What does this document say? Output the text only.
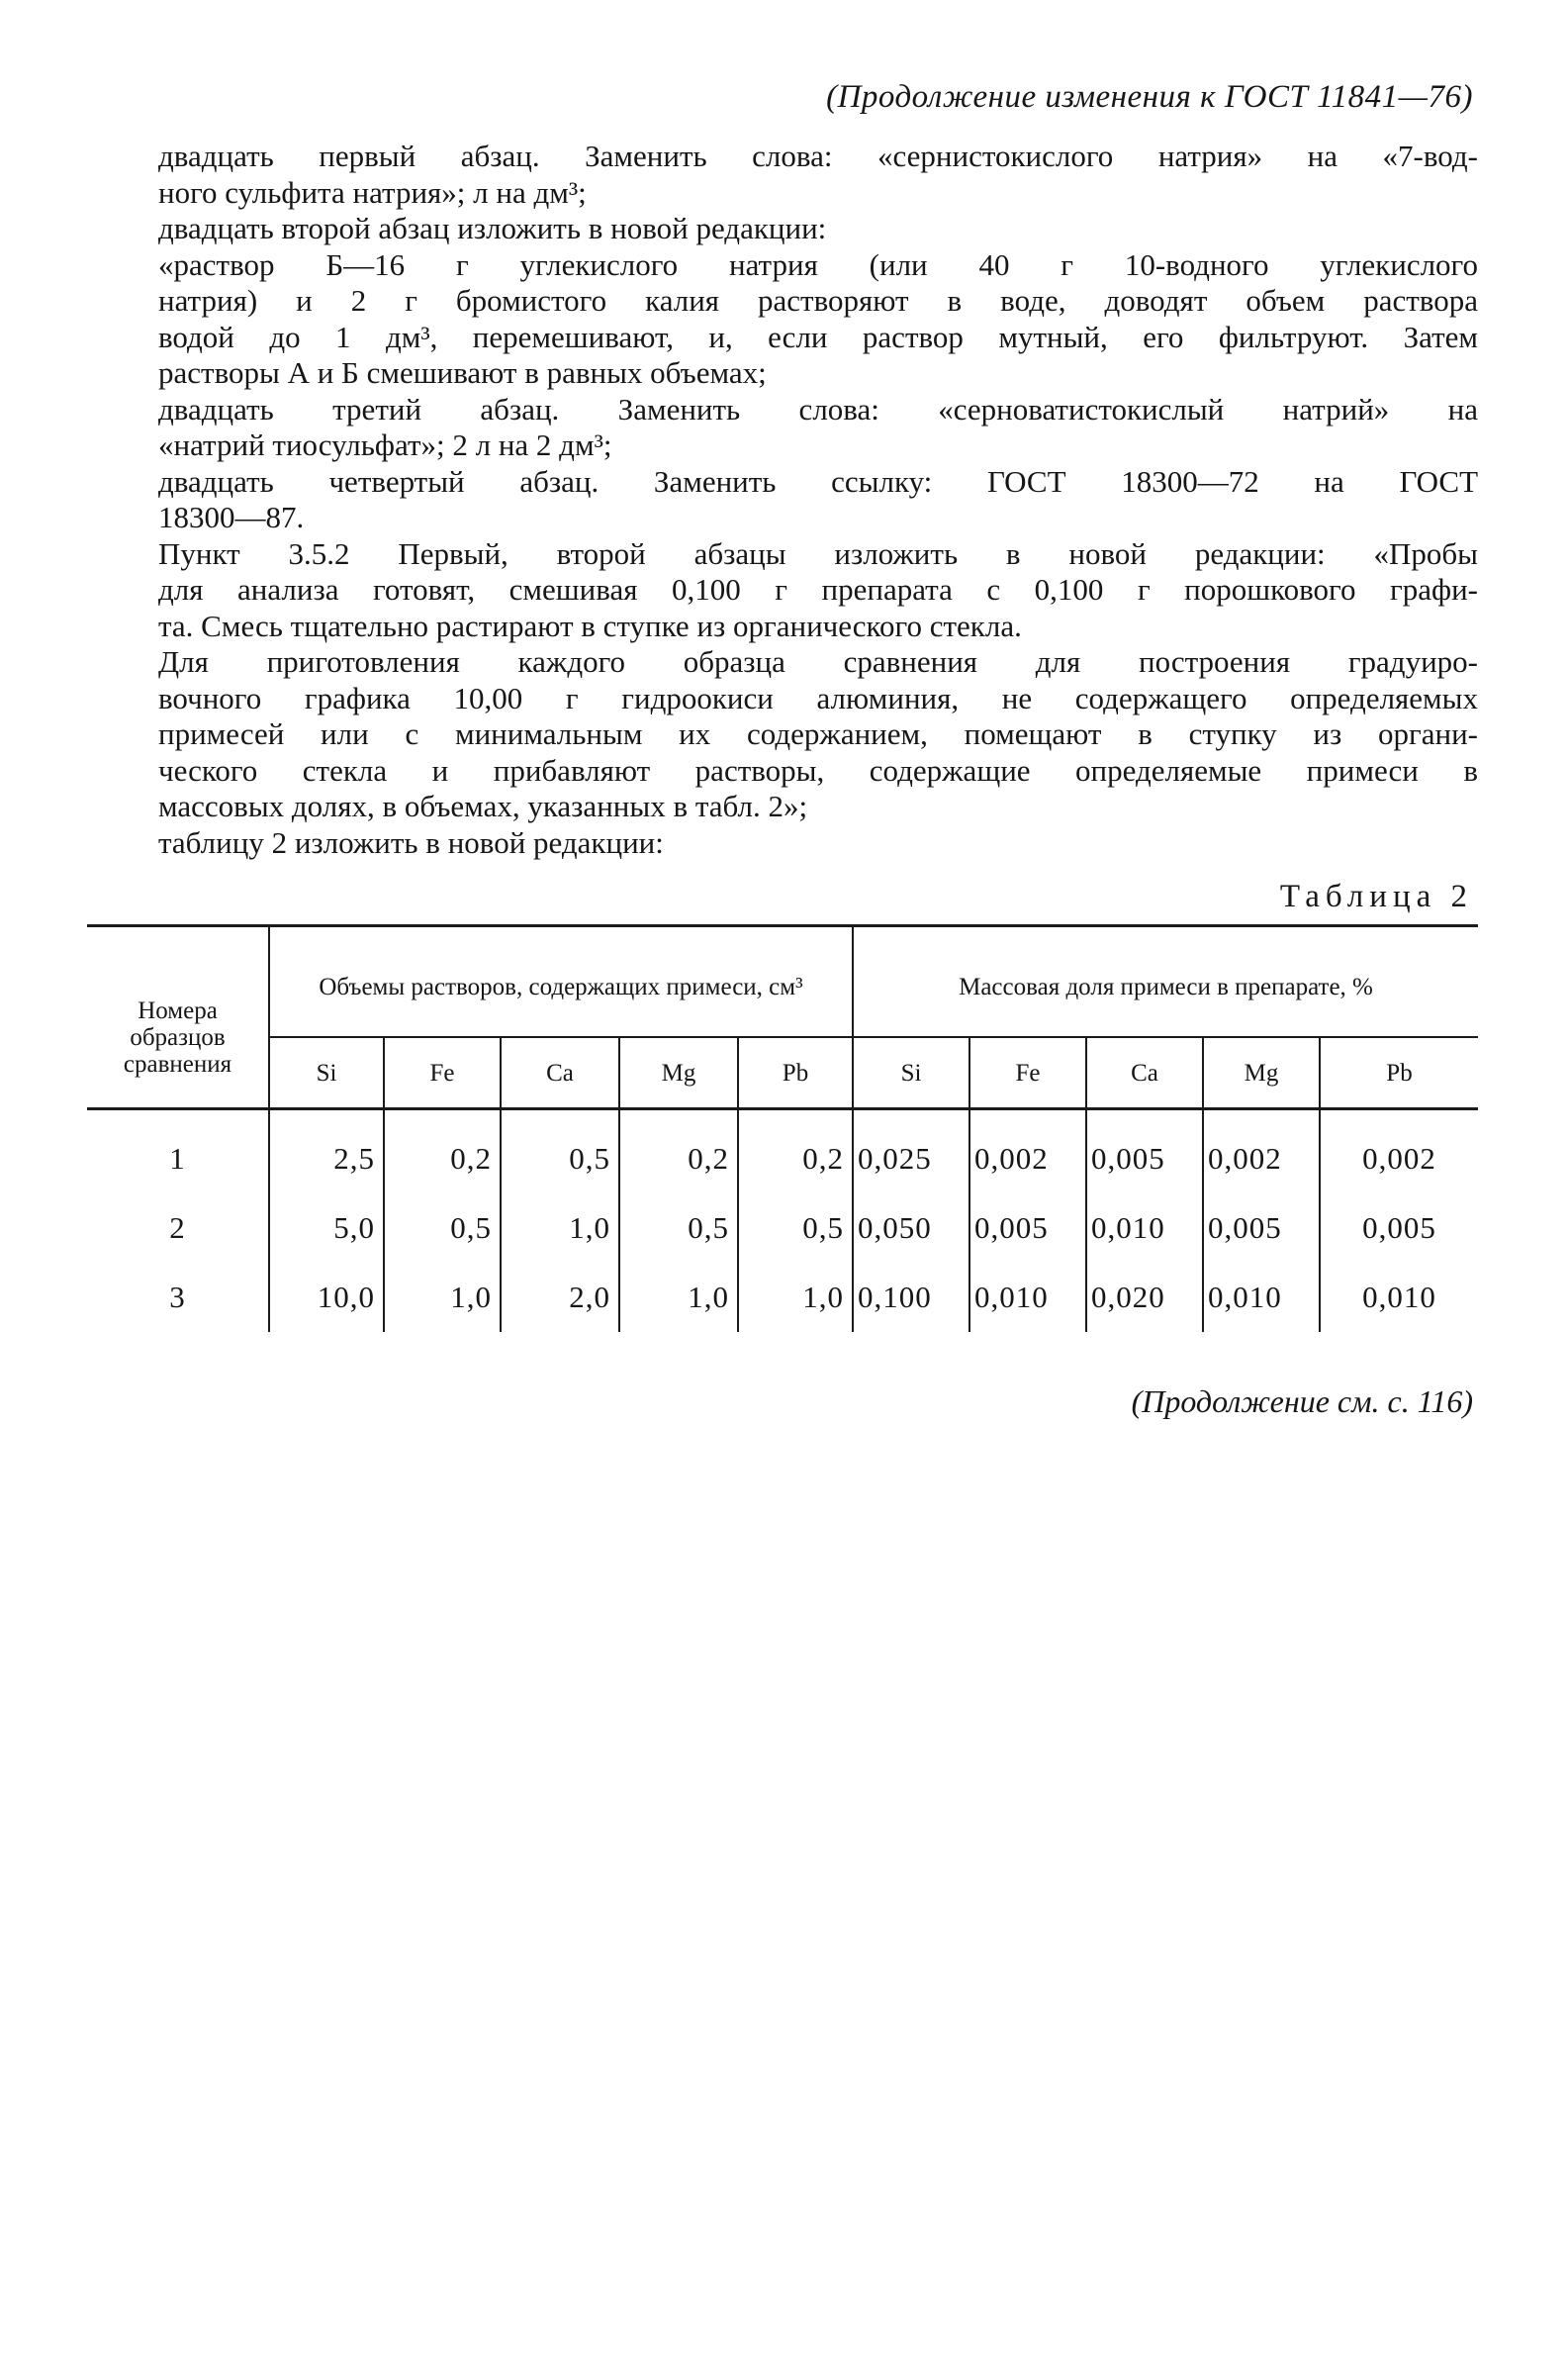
(Продолжение изменения к ГОСТ 11841—76)
двадцать первый абзац. Заменить слова: «сернистокислого натрия» на «7-вод-
ного сульфита натрия»; л на дм³;
двадцать второй абзац изложить в новой редакции:
«раствор Б—16 г углекислого натрия (или 40 г 10-водного углекислого
натрия) и 2 г бромистого калия растворяют в воде, доводят объем раствора
водой до 1 дм³, перемешивают, и, если раствор мутный, его фильтруют. Затем
растворы А и Б смешивают в равных объемах;
двадцать третий абзац. Заменить слова: «серноватистокислый натрий» на
«натрий тиосульфат»; 2 л на 2 дм³;
двадцать четвертый абзац. Заменить ссылку: ГОСТ 18300—72 на ГОСТ
18300—87.
Пункт 3.5.2 Первый, второй абзацы изложить в новой редакции: «Пробы
для анализа готовят, смешивая 0,100 г препарата с 0,100 г порошкового графи-
та. Смесь тщательно растирают в ступке из органического стекла.
Для приготовления каждого образца сравнения для построения градуиро-
вочного графика 10,00 г гидроокиси алюминия, не содержащего определяемых
примесей или с минимальным их содержанием, помещают в ступку из органи-
ческого стекла и прибавляют растворы, содержащие определяемые примеси в
массовых долях, в объемах, указанных в табл. 2»;
таблицу 2 изложить в новой редакции:
Таблица 2
Номера образцов сравнения	Объемы растворов, содержащих примеси, см³					Массовая доля примеси в препарате, %				
	Si	Fe	Ca	Mg	Pb	Si	Fe	Ca	Mg	Pb
1	2,5	0,2	0,5	0,2	0,2	0,025	0,002	0,005	0,002	0,002
2	5,0	0,5	1,0	0,5	0,5	0,050	0,005	0,010	0,005	0,005
3	10,0	1,0	2,0	1,0	1,0	0,100	0,010	0,020	0,010	0,010
(Продолжение см. с. 116)
